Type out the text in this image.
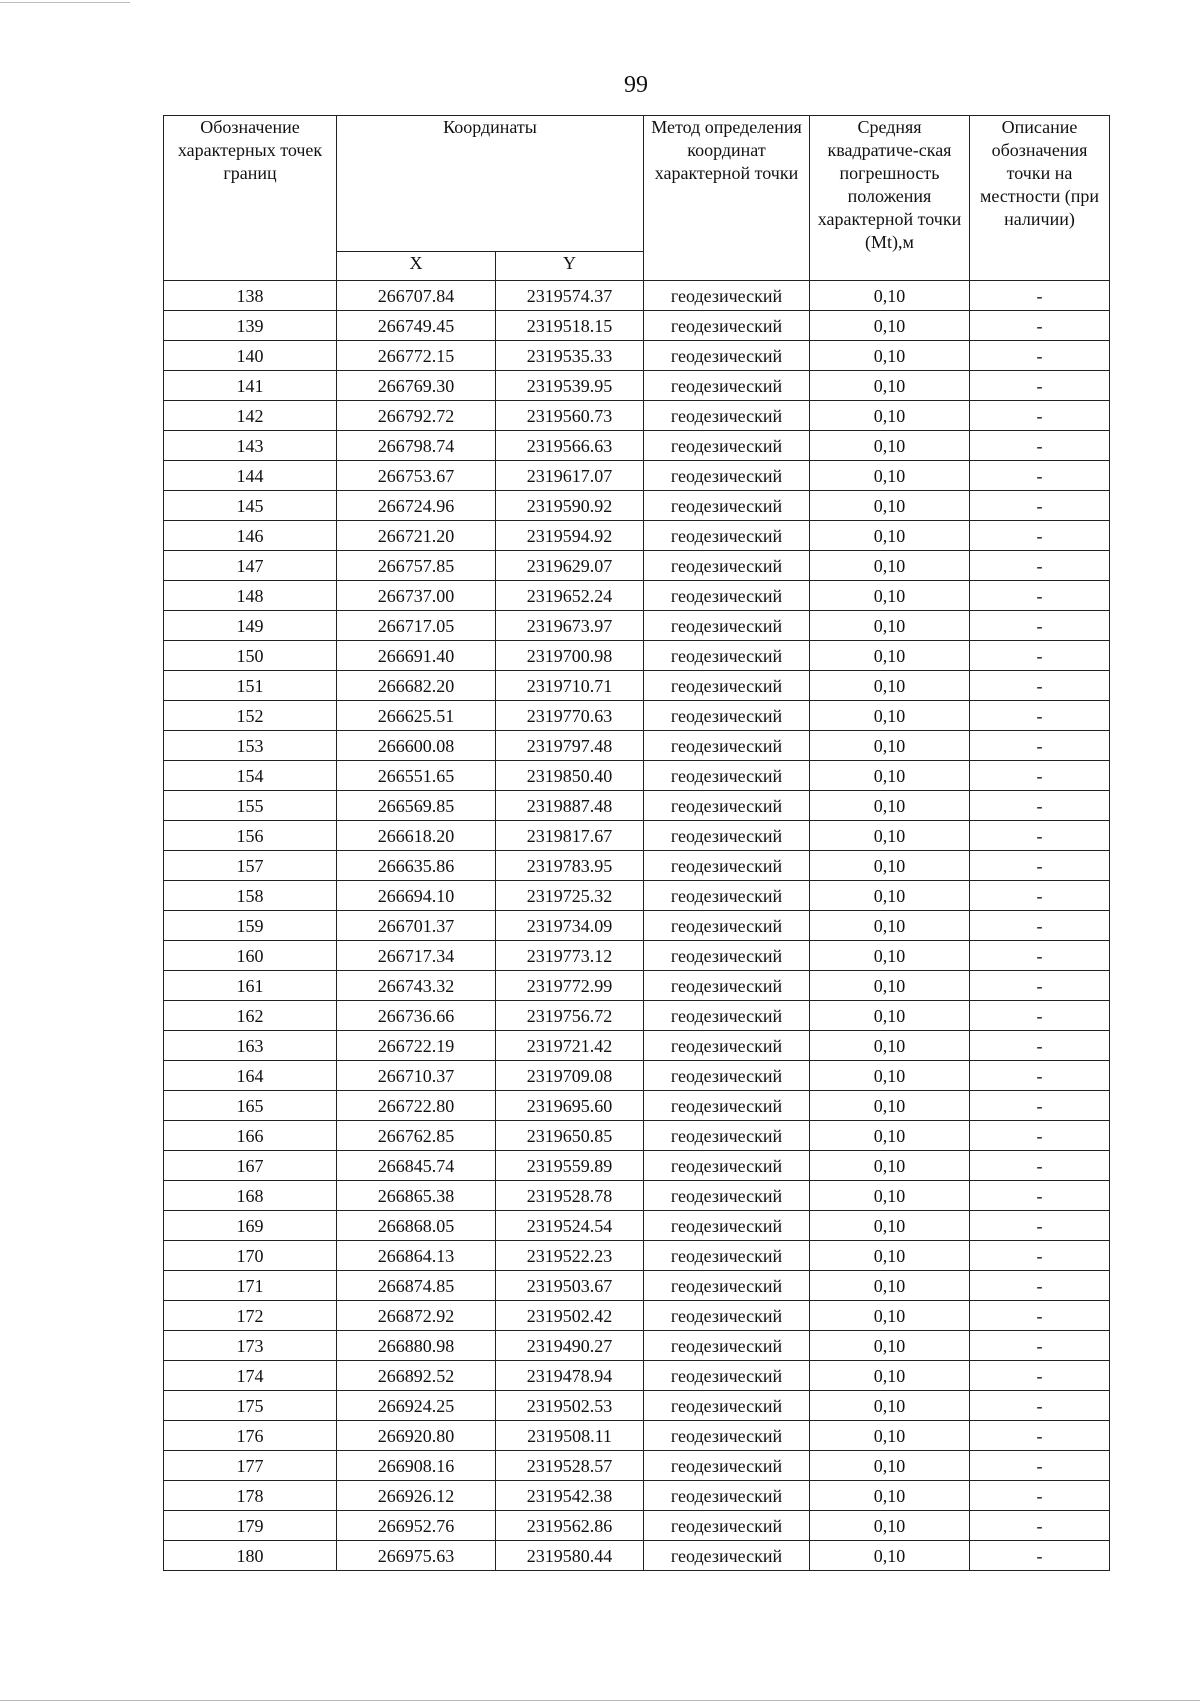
99
Обозначение характерных точек границ	Координаты		Метод определения координат характерной точки	Средняя квадратиче-ская погрешность положения характерной точки (Mt),м	Описание обозначения точки на местности (при наличии)
	X	Y			
138	266707.84	2319574.37	геодезический	0,10	-
139	266749.45	2319518.15	геодезический	0,10	-
140	266772.15	2319535.33	геодезический	0,10	-
141	266769.30	2319539.95	геодезический	0,10	-
142	266792.72	2319560.73	геодезический	0,10	-
143	266798.74	2319566.63	геодезический	0,10	-
144	266753.67	2319617.07	геодезический	0,10	-
145	266724.96	2319590.92	геодезический	0,10	-
146	266721.20	2319594.92	геодезический	0,10	-
147	266757.85	2319629.07	геодезический	0,10	-
148	266737.00	2319652.24	геодезический	0,10	-
149	266717.05	2319673.97	геодезический	0,10	-
150	266691.40	2319700.98	геодезический	0,10	-
151	266682.20	2319710.71	геодезический	0,10	-
152	266625.51	2319770.63	геодезический	0,10	-
153	266600.08	2319797.48	геодезический	0,10	-
154	266551.65	2319850.40	геодезический	0,10	-
155	266569.85	2319887.48	геодезический	0,10	-
156	266618.20	2319817.67	геодезический	0,10	-
157	266635.86	2319783.95	геодезический	0,10	-
158	266694.10	2319725.32	геодезический	0,10	-
159	266701.37	2319734.09	геодезический	0,10	-
160	266717.34	2319773.12	геодезический	0,10	-
161	266743.32	2319772.99	геодезический	0,10	-
162	266736.66	2319756.72	геодезический	0,10	-
163	266722.19	2319721.42	геодезический	0,10	-
164	266710.37	2319709.08	геодезический	0,10	-
165	266722.80	2319695.60	геодезический	0,10	-
166	266762.85	2319650.85	геодезический	0,10	-
167	266845.74	2319559.89	геодезический	0,10	-
168	266865.38	2319528.78	геодезический	0,10	-
169	266868.05	2319524.54	геодезический	0,10	-
170	266864.13	2319522.23	геодезический	0,10	-
171	266874.85	2319503.67	геодезический	0,10	-
172	266872.92	2319502.42	геодезический	0,10	-
173	266880.98	2319490.27	геодезический	0,10	-
174	266892.52	2319478.94	геодезический	0,10	-
175	266924.25	2319502.53	геодезический	0,10	-
176	266920.80	2319508.11	геодезический	0,10	-
177	266908.16	2319528.57	геодезический	0,10	-
178	266926.12	2319542.38	геодезический	0,10	-
179	266952.76	2319562.86	геодезический	0,10	-
180	266975.63	2319580.44	геодезический	0,10	-
